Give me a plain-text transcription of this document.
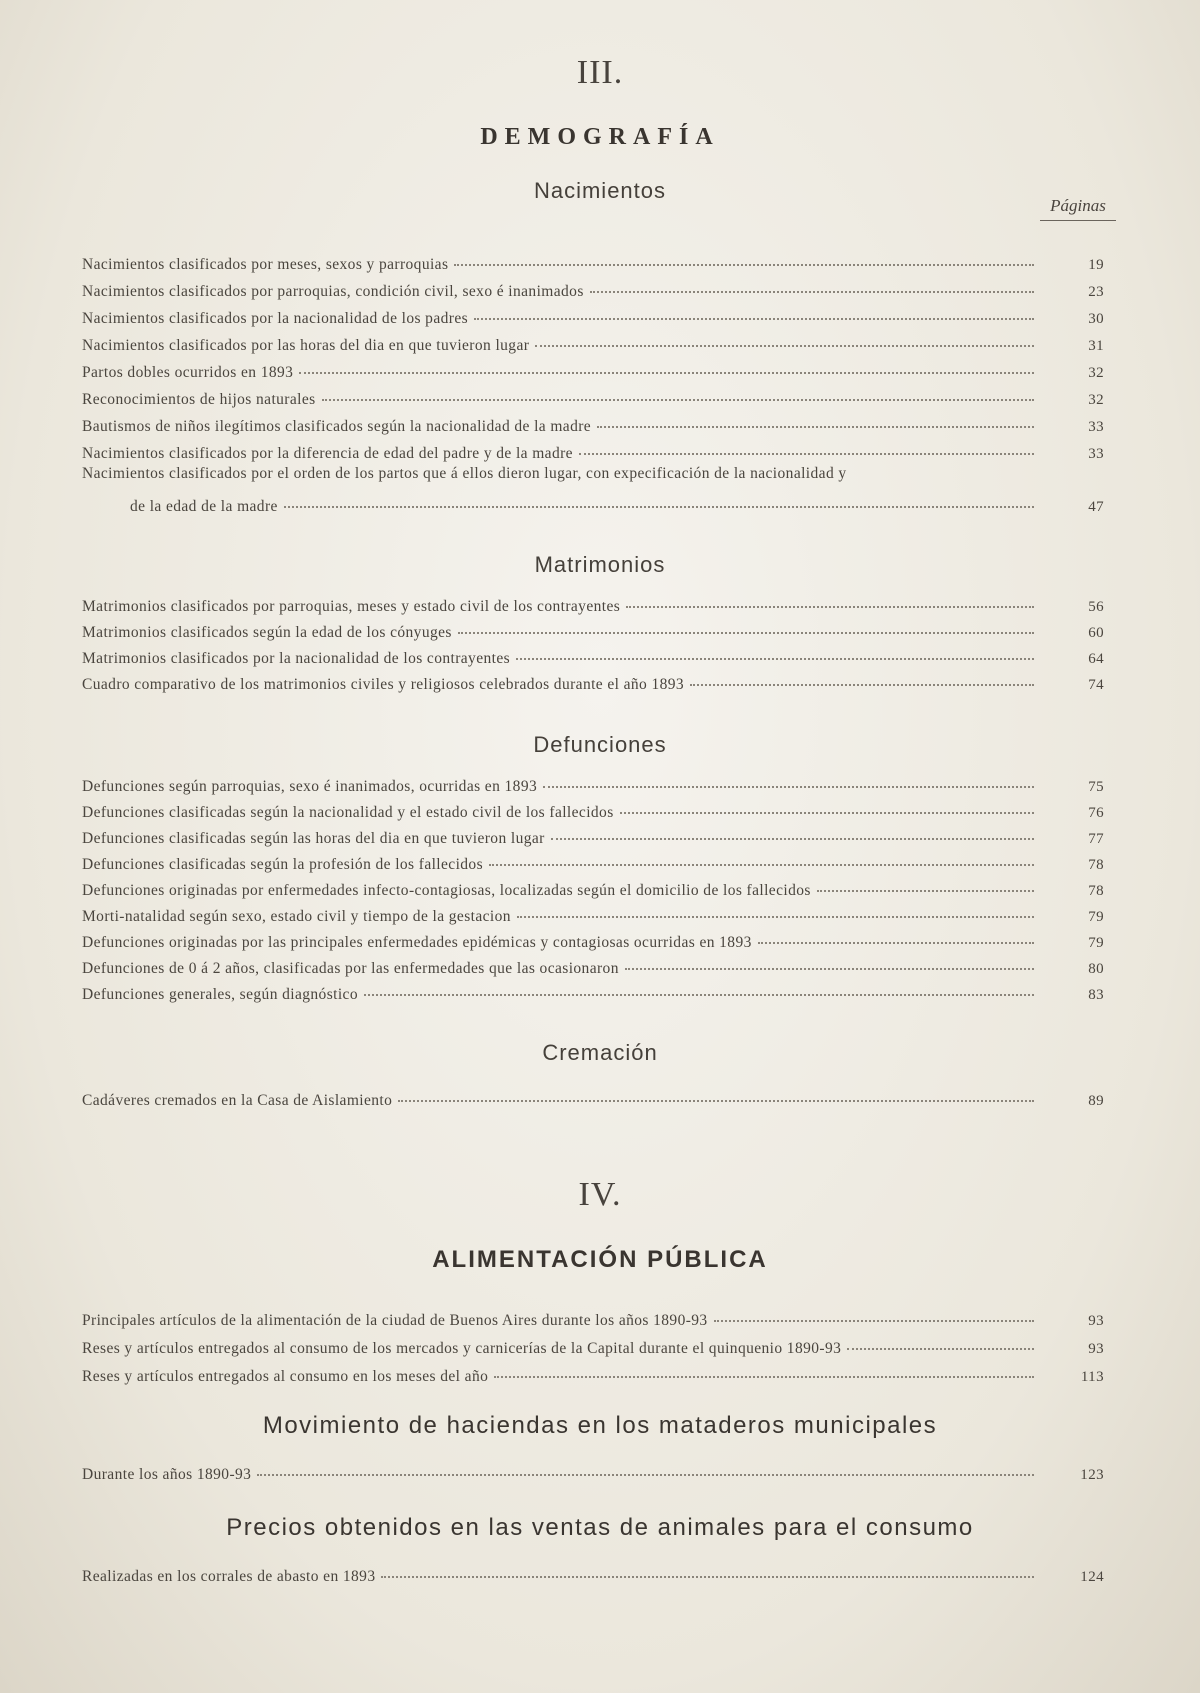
III.
DEMOGRAFÍA
Nacimientos
Páginas
Nacimientos clasificados por meses, sexos y parroquias	19
Nacimientos clasificados por parroquias, condición civil, sexo é inanimados	23
Nacimientos clasificados por la nacionalidad de los padres	30
Nacimientos clasificados por las horas del dia en que tuvieron lugar	31
Partos dobles ocurridos en 1893	32
Reconocimientos de hijos naturales	32
Bautismos de niños ilegítimos clasificados según la nacionalidad de la madre	33
Nacimientos clasificados por la diferencia de edad del padre y de la madre	33
Nacimientos clasificados por el orden de los partos que á ellos dieron lugar, con expecificación de la nacionalidad y
de la edad de la madre	47
Matrimonios
Matrimonios clasificados por parroquias, meses y estado civil de los contrayentes	56
Matrimonios clasificados según la edad de los cónyuges	60
Matrimonios clasificados por la nacionalidad de los contrayentes	64
Cuadro comparativo de los matrimonios civiles y religiosos celebrados durante el año 1893	74
Defunciones
Defunciones según parroquias, sexo é inanimados, ocurridas en 1893	75
Defunciones clasificadas según la nacionalidad y el estado civil de los fallecidos	76
Defunciones clasificadas según las horas del dia en que tuvieron lugar	77
Defunciones clasificadas según la profesión de los fallecidos	78
Defunciones originadas por enfermedades infecto-contagiosas, localizadas según el domicilio de los fallecidos	78
Morti-natalidad según sexo, estado civil y tiempo de la gestacion	79
Defunciones originadas por las principales enfermedades epidémicas y contagiosas ocurridas en 1893	79
Defunciones de 0 á 2 años, clasificadas por las enfermedades que las ocasionaron	80
Defunciones generales, según diagnóstico	83
Cremación
Cadáveres cremados en la Casa de Aislamiento	89
IV.
ALIMENTACIÓN PÚBLICA
Principales artículos de la alimentación de la ciudad de Buenos Aires durante los años 1890-93	93
Reses y artículos entregados al consumo de los mercados y carnicerías de la Capital durante el quinquenio 1890-93	93
Reses y artículos entregados al consumo en los meses del año	113
Movimiento de haciendas en los mataderos municipales
Durante los años 1890-93	123
Precios obtenidos en las ventas de animales para el consumo
Realizadas en los corrales de abasto en 1893	124
